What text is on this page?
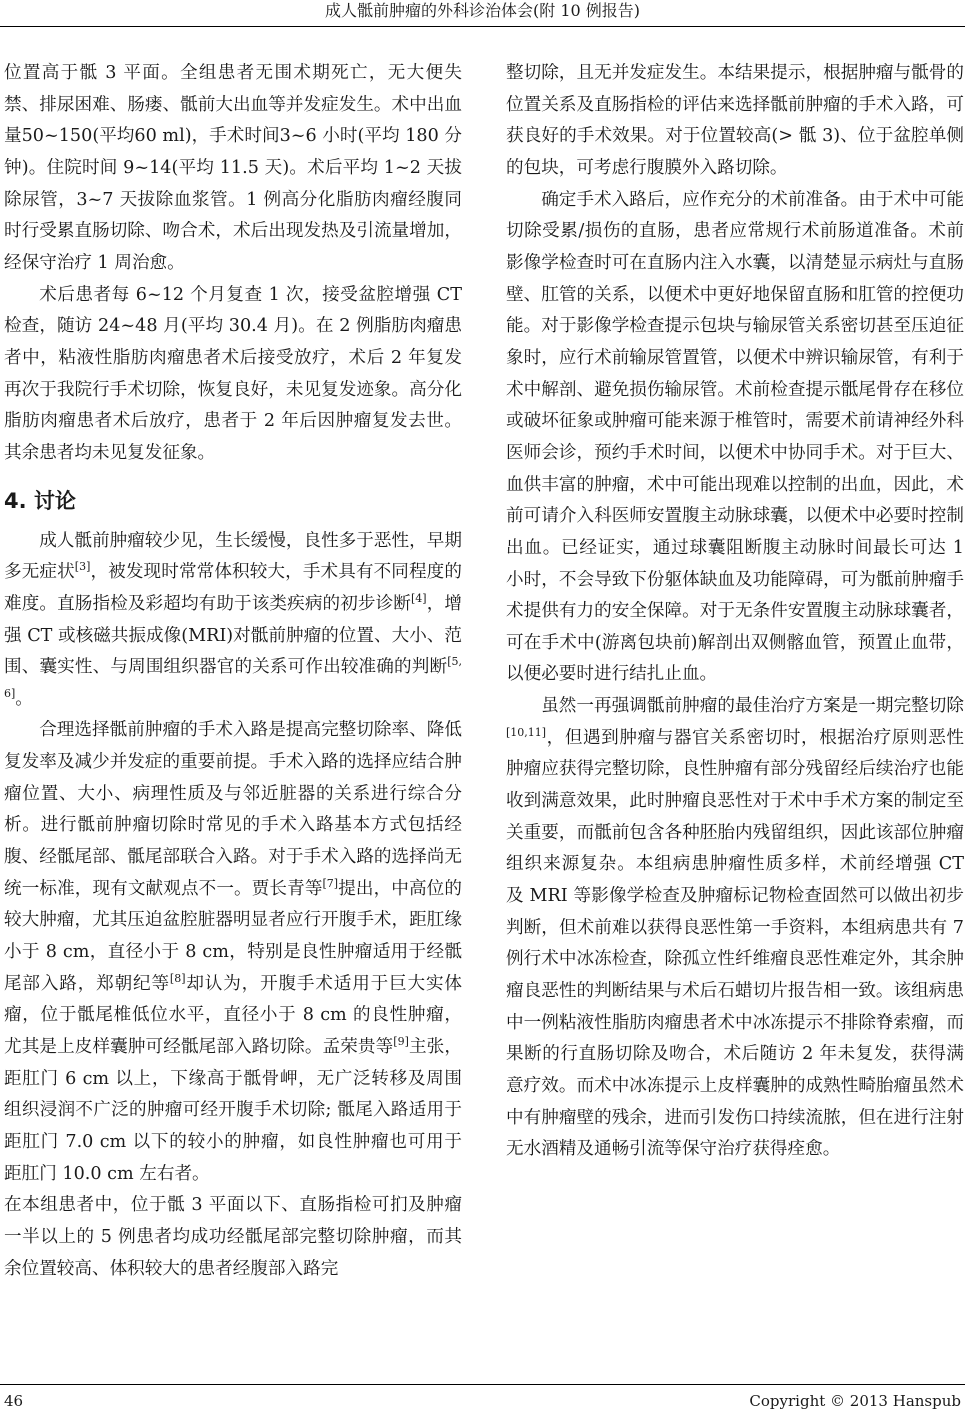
成人骶前肿瘤的外科诊治体会(附 10 例报告)

位置高于骶 3 平面。全组患者无围术期死亡，无大便失禁、排尿困难、肠瘘、骶前大出血等并发症发生。术中出血量50~150(平均60 ml)，手术时间3~6 小时(平均 180 分钟)。住院时间 9~14(平均 11.5 天)。术后平均 1~2 天拔除尿管，3~7 天拔除血浆管。1 例高分化脂肪肉瘤经腹同时行受累直肠切除、吻合术，术后出现发热及引流量增加，经保守治疗 1 周治愈。

术后患者每 6~12 个月复查 1 次，接受盆腔增强 CT 检查，随访 24~48 月(平均 30.4 月)。在 2 例脂肪肉瘤患者中，粘液性脂肪肉瘤患者术后接受放疗，术后 2 年复发再次于我院行手术切除，恢复良好，未见复发迹象。高分化脂肪肉瘤患者术后放疗，患者于 2 年后因肿瘤复发去世。其余患者均未见复发征象。

4. 讨论

成人骶前肿瘤较少见，生长缓慢，良性多于恶性，早期多无症状[3]，被发现时常常体积较大，手术具有不同程度的难度。直肠指检及彩超均有助于该类疾病的初步诊断[4]，增强 CT 或核磁共振成像(MRI)对骶前肿瘤的位置、大小、范围、囊实性、与周围组织器官的关系可作出较准确的判断[5,6]。

合理选择骶前肿瘤的手术入路是提高完整切除率、降低复发率及减少并发症的重要前提。手术入路的选择应结合肿瘤位置、大小、病理性质及与邻近脏器的关系进行综合分析。进行骶前肿瘤切除时常见的手术入路基本方式包括经腹、经骶尾部、骶尾部联合入路。对于手术入路的选择尚无统一标准，现有文献观点不一。贾长青等[7]提出，中高位的较大肿瘤，尤其压迫盆腔脏器明显者应行开腹手术，距肛缘小于 8 cm，直径小于 8 cm，特别是良性肿瘤适用于经骶尾部入路，郑朝纪等[8]却认为，开腹手术适用于巨大实体瘤，位于骶尾椎低位水平，直径小于 8 cm 的良性肿瘤，尤其是上皮样囊肿可经骶尾部入路切除。孟荣贵等[9]主张，距肛门 6 cm 以上，下缘高于骶骨岬，无广泛转移及周围组织浸润不广泛的肿瘤可经开腹手术切除; 骶尾入路适用于距肛门 7.0 cm 以下的较小的肿瘤，如良性肿瘤也可用于距肛门 10.0 cm 左右者。

在本组患者中，位于骶 3 平面以下、直肠指检可扪及肿瘤一半以上的 5 例患者均成功经骶尾部完整切除肿瘤，而其余位置较高、体积较大的患者经腹部入路完

整切除，且无并发症发生。本结果提示，根据肿瘤与骶骨的位置关系及直肠指检的评估来选择骶前肿瘤的手术入路，可获良好的手术效果。对于位置较高(> 骶 3)、位于盆腔单侧的包块，可考虑行腹膜外入路切除。

确定手术入路后，应作充分的术前准备。由于术中可能切除受累/损伤的直肠，患者应常规行术前肠道准备。术前影像学检查时可在直肠内注入水囊，以清楚显示病灶与直肠壁、肛管的关系，以便术中更好地保留直肠和肛管的控便功能。对于影像学检查提示包块与输尿管关系密切甚至压迫征象时，应行术前输尿管置管，以便术中辨识输尿管，有利于术中解剖、避免损伤输尿管。术前检查提示骶尾骨存在移位或破坏征象或肿瘤可能来源于椎管时，需要术前请神经外科医师会诊，预约手术时间，以便术中协同手术。对于巨大、血供丰富的肿瘤，术中可能出现难以控制的出血，因此，术前可请介入科医师安置腹主动脉球囊，以便术中必要时控制出血。已经证实，通过球囊阻断腹主动脉时间最长可达 1 小时，不会导致下份躯体缺血及功能障碍，可为骶前肿瘤手术提供有力的安全保障。对于无条件安置腹主动脉球囊者，可在手术中(游离包块前)解剖出双侧髂血管，预置止血带，以便必要时进行结扎止血。

虽然一再强调骶前肿瘤的最佳治疗方案是一期完整切除[10,11]，但遇到肿瘤与器官关系密切时，根据治疗原则恶性肿瘤应获得完整切除，良性肿瘤有部分残留经后续治疗也能收到满意效果，此时肿瘤良恶性对于术中手术方案的制定至关重要，而骶前包含各种胚胎内残留组织，因此该部位肿瘤组织来源复杂。本组病患肿瘤性质多样，术前经增强 CT 及 MRI 等影像学检查及肿瘤标记物检查固然可以做出初步判断，但术前难以获得良恶性第一手资料，本组病患共有 7 例行术中冰冻检查，除孤立性纤维瘤良恶性难定外，其余肿瘤良恶性的判断结果与术后石蜡切片报告相一致。该组病患中一例粘液性脂肪肉瘤患者术中冰冻提示不排除脊索瘤，而果断的行直肠切除及吻合，术后随访 2 年未复发，获得满意疗效。而术中冰冻提示上皮样囊肿的成熟性畸胎瘤虽然术中有肿瘤壁的残余，进而引发伤口持续流脓，但在进行注射无水酒精及通畅引流等保守治疗获得痊愈。

46	Copyright © 2013 Hanspub
